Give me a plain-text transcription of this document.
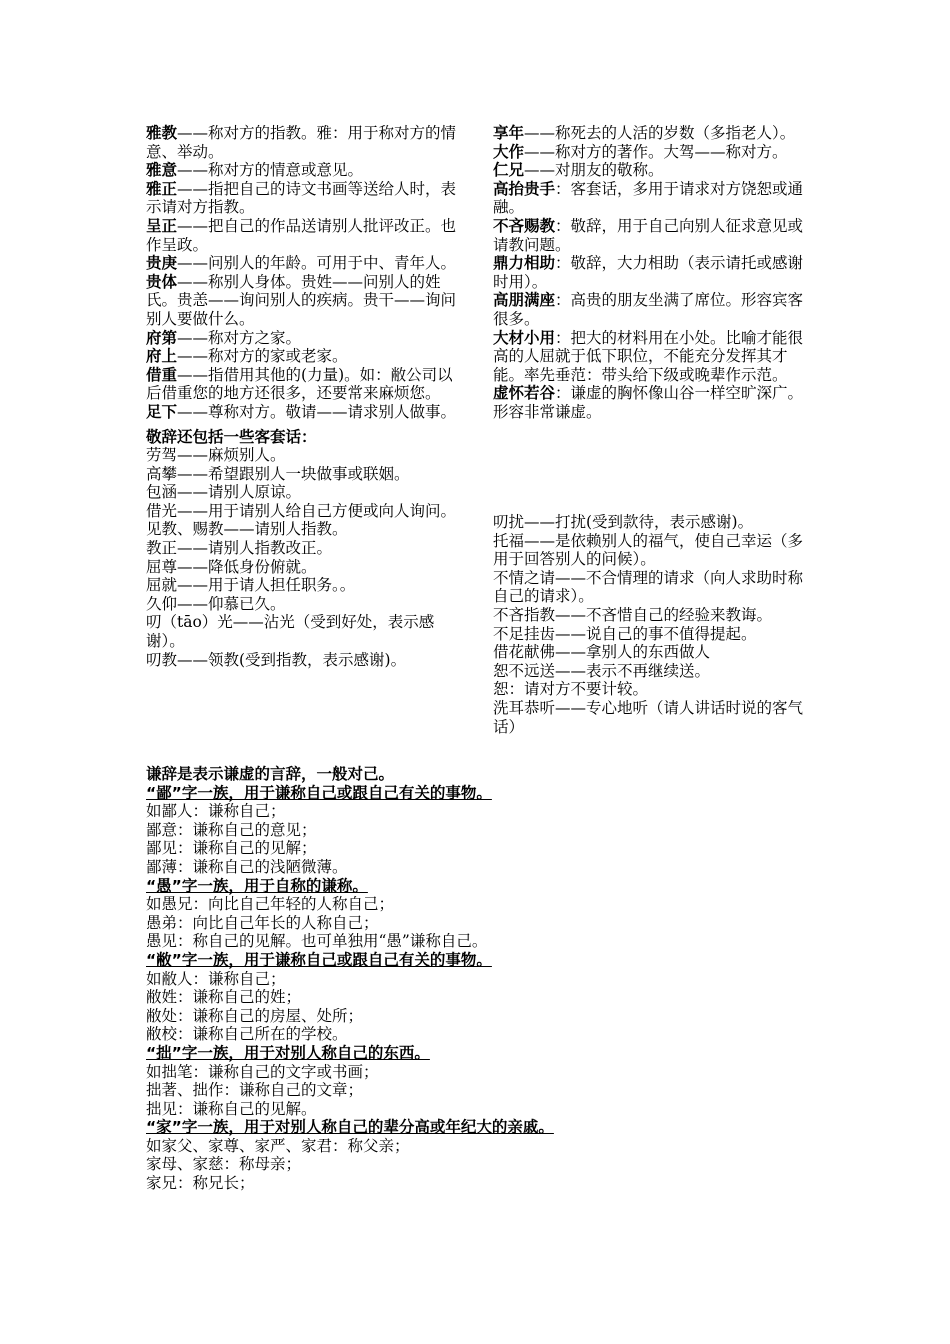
雅教——称对方的指教。雅：用于称对方的情意、举动。

雅意——称对方的情意或意见。

雅正——指把自己的诗文书画等送给人时，表示请对方指教。

呈正——把自己的作品送请别人批评改正。也作呈政。

贵庚——问别人的年龄。可用于中、青年人。

贵体——称别人身体。贵姓——问别人的姓氏。贵恙——询问别人的疾病。贵干——询问别人要做什么。

府第——称对方之家。

府上——称对方的家或老家。

借重——指借用其他的(力量)。如：敝公司以后借重您的地方还很多，还要常来麻烦您。

足下——尊称对方。敬请——请求别人做事。

敬辞还包括一些客套话：

劳驾——麻烦别人。

高攀——希望跟别人一块做事或联姻。

包涵——请别人原谅。

借光——用于请别人给自己方便或向人询问。

见教、赐教——请别人指教。

教正——请别人指教改正。

屈尊——降低身份俯就。

屈就——用于请人担任职务。。

久仰——仰慕已久。

叨（tāo）光——沾光（受到好处，表示感谢）。

叨教——领教(受到指教，表示感谢)。

享年——称死去的人活的岁数（多指老人）。

大作——称对方的著作。大驾——称对方。

仁兄——对朋友的敬称。

高抬贵手：客套话，多用于请求对方饶恕或通融。

不吝赐教：敬辞，用于自己向别人征求意见或请教问题。

鼎力相助：敬辞，大力相助（表示请托或感谢时用）。

高朋满座：高贵的朋友坐满了席位。形容宾客很多。

大材小用：把大的材料用在小处。比喻才能很高的人屈就于低下职位，不能充分发挥其才能。率先垂范：带头给下级或晚辈作示范。

虚怀若谷：谦虚的胸怀像山谷一样空旷深广。形容非常谦虚。

叨扰——打扰(受到款待，表示感谢)。

托福——是依赖别人的福气，使自己幸运（多用于回答别人的问候）。

不情之请——不合情理的请求（向人求助时称自己的请求）。

不吝指教——不吝惜自己的经验来教诲。

不足挂齿——说自己的事不值得提起。

借花献佛——拿别人的东西做人

恕不远送——表示不再继续送。

恕：请对方不要计较。

洗耳恭听——专心地听（请人讲话时说的客气话）

谦辞是表示谦虚的言辞，一般对己。

“鄙”字一族，用于谦称自己或跟自己有关的事物。

如鄙人：谦称自己；

鄙意：谦称自己的意见；

鄙见：谦称自己的见解；

鄙薄：谦称自己的浅陋微薄。

“愚”字一族，用于自称的谦称。

如愚兄：向比自己年轻的人称自己；

愚弟：向比自己年长的人称自己；

愚见：称自己的见解。也可单独用“愚”谦称自己。

“敝”字一族，用于谦称自己或跟自己有关的事物。

如敝人：谦称自己；

敝姓：谦称自己的姓；

敝处：谦称自己的房屋、处所；

敝校：谦称自己所在的学校。

“拙”字一族，用于对别人称自己的东西。

如拙笔：谦称自己的文字或书画；

拙著、拙作：谦称自己的文章；

拙见：谦称自己的见解。

“家”字一族，用于对别人称自己的辈分高或年纪大的亲戚。

如家父、家尊、家严、家君：称父亲；

家母、家慈：称母亲；

家兄：称兄长；
